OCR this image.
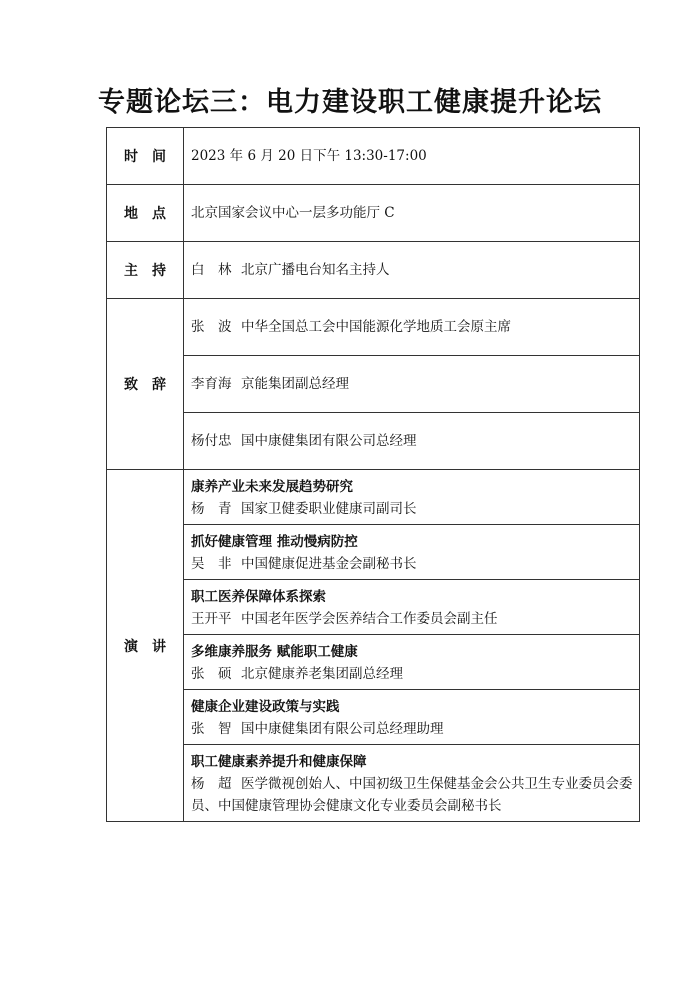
专题论坛三：电力建设职工健康提升论坛
时　间	2023 年 6 月 20 日下午 13:30-17:00
地　点	北京国家会议中心一层多功能厅 C
主　持	白　林 北京广播电台知名主持人
致　辞	张　波 中华全国总工会中国能源化学地质工会原主席
	李育海 京能集团副总经理
	杨付忠 国中康健集团有限公司总经理
演　讲	康养产业未来发展趋势研究
杨　青 国家卫健委职业健康司副司长

	抓好健康管理 推动慢病防控
吴　非 中国健康促进基金会副秘书长

	职工医养保障体系探索
王开平 中国老年医学会医养结合工作委员会副主任

	多维康养服务 赋能职工健康
张　硕 北京健康养老集团副总经理

	健康企业建设政策与实践
张　智 国中康健集团有限公司总经理助理

	职工健康素养提升和健康保障
杨　超 医学微视创始人、中国初级卫生保健基金会公共卫生专业委员会委员、中国健康管理协会健康文化专业委员会副秘书长
